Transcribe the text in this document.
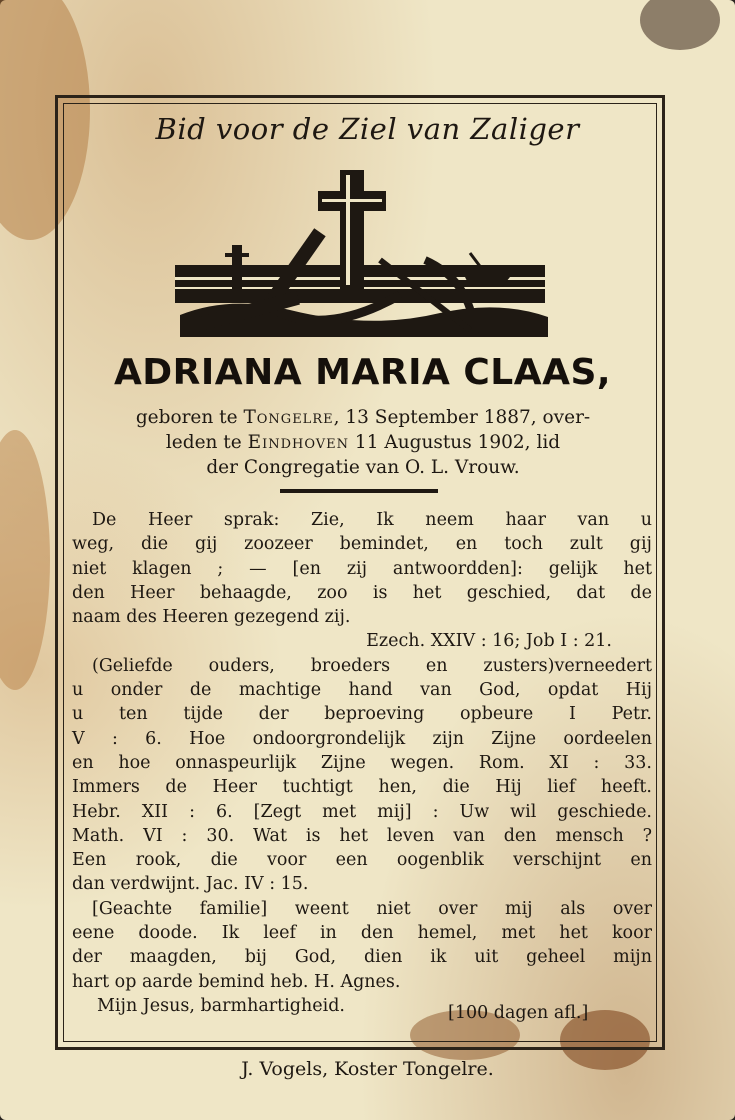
Bid voor de Ziel van Zaliger
ADRIANA MARIA CLAAS,
geboren te Tongelre, 13 September 1887, over-
leden te Eindhoven 11 Augustus 1902, lid
der Congregatie van O. L. Vrouw.
De Heer sprak: Zie, Ik neem haar van u
weg, die gij zoozeer bemindet, en toch zult gij
niet klagen ; — [en zij antwoordden]: gelijk het
den Heer behaagde, zoo is het geschied, dat de
naam des Heeren gezegend zij.
Ezech. XXIV : 16; Job I : 21.
(Geliefde ouders, broeders en zusters)verneedert
u onder de machtige hand van God, opdat Hij
u ten tijde der beproeving opbeure I Petr.
V : 6. Hoe ondoorgrondelijk zijn Zijne oordeelen
en hoe onnaspeurlijk Zijne wegen. Rom. XI : 33.
Immers de Heer tuchtigt hen, die Hij lief heeft.
Hebr. XII : 6. [Zegt met mij] : Uw wil geschiede.
Math. VI : 30. Wat is het leven van den mensch ?
Een rook, die voor een oogenblik verschijnt en
dan verdwijnt. Jac. IV : 15.
[Geachte familie] weent niet over mij als over
eene doode. Ik leef in den hemel, met het koor
der maagden, bij God, dien ik uit geheel mijn
hart op aarde bemind heb. H. Agnes.
Mijn Jesus, barmhartigheid.	[100 dagen afl.]
J. Vogels, Koster Tongelre.
